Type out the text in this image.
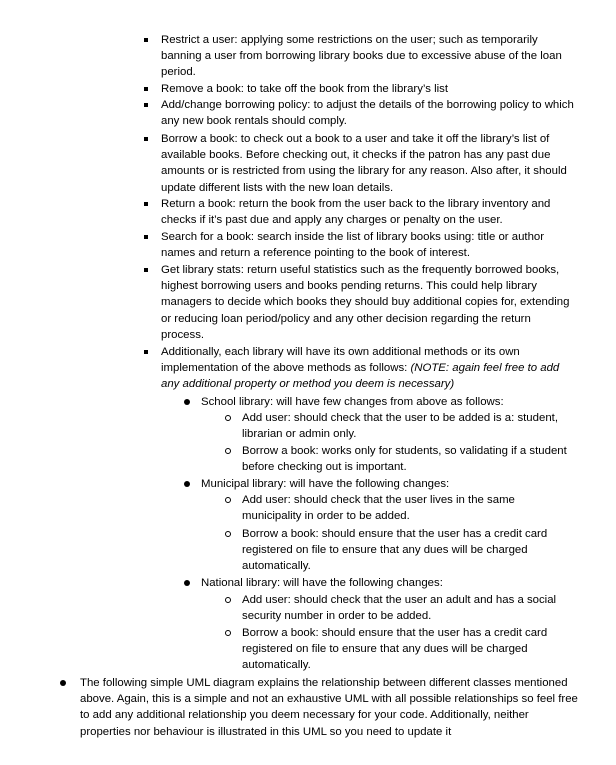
Restrict a user: applying some restrictions on the user; such as temporarily banning a user from borrowing library books due to excessive abuse of the loan period.
Remove a book: to take off the book from the library’s list
Add/change borrowing policy: to adjust the details of the borrowing policy to which any new book rentals should comply.
Borrow a book: to check out a book to a user and take it off the library’s list of available books. Before checking out, it checks if the patron has any past due amounts or is restricted from using the library for any reason. Also after, it should update different lists with the new loan details.
Return a book: return the book from the user back to the library inventory and checks if it’s past due and apply any charges or penalty on the user.
Search for a book: search inside the list of library books using: title or author names and return a reference pointing to the book of interest.
Get library stats: return useful statistics such as the frequently borrowed books, highest borrowing users and books pending returns. This could help library managers to decide which books they should buy additional copies for, extending or reducing loan period/policy and any other decision regarding the return process.
Additionally, each library will have its own additional methods or its own implementation of the above methods as follows: (NOTE: again feel free to add any additional property or method you deem is necessary)
School library: will have few changes from above as follows:
Add user: should check that the user to be added is a: student, librarian or admin only.
Borrow a book: works only for students, so validating if a student before checking out is important.
Municipal library: will have the following changes:
Add user: should check that the user lives in the same municipality in order to be added.
Borrow a book: should ensure that the user has a credit card registered on file to ensure that any dues will be charged automatically.
National library: will have the following changes:
Add user: should check that the user an adult and has a social security number in order to be added.
Borrow a book: should ensure that the user has a credit card registered on file to ensure that any dues will be charged automatically.
The following simple UML diagram explains the relationship between different classes mentioned above. Again, this is a simple and not an exhaustive UML with all possible relationships so feel free to add any additional relationship you deem necessary for your code. Additionally, neither properties nor behaviour is illustrated in this UML so you need to update it
